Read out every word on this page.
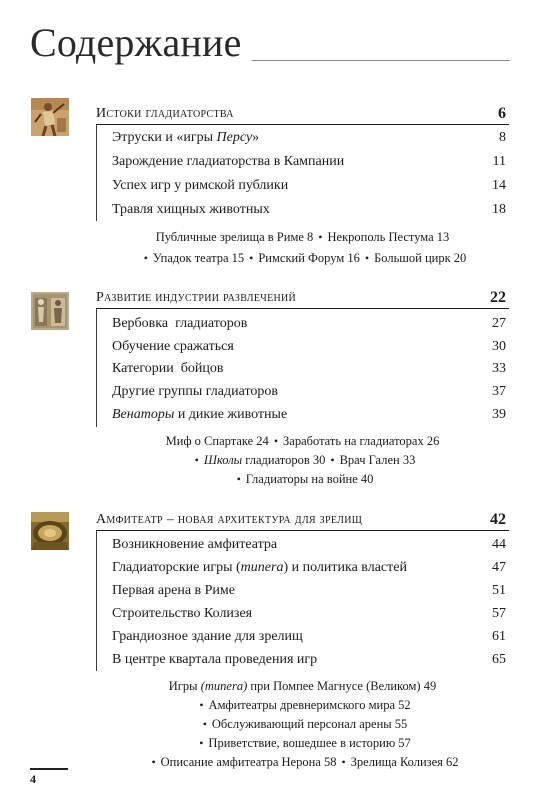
Содержание
Истоки гладиаторства	6
Этруски и «игры Персу»	8
Зарождение гладиаторства в Кампании	11
Успех игр у римской публики	14
Травля хищных животных	18
Публичные зрелища в Риме 8 • Некрополь Пестума 13
• Упадок театра 15 • Римский Форум 16 • Большой цирк 20
Развитие индустрии развлечений	22
Вербовка  гладиаторов	27
Обучение сражаться	30
Категории  бойцов	33
Другие группы гладиаторов	37
Венаторы и дикие животные	39
Миф о Спартаке 24 • Заработать на гладиаторах 26
• Школы гладиаторов 30 • Врач Гален 33
• Гладиаторы на войне 40
Амфитеатр – новая архитектура для зрелищ	42
Возникновение амфитеатра	44
Гладиаторские игры (munera) и политика властей	47
Первая арена в Риме	51
Строительство Колизея	57
Грандиозное здание для зрелищ	61
В центре квартала проведения игр	65
Игры (munera) при Помпее Магнусе (Великом) 49
• Амфитеатры древнеримского мира 52
• Обслуживающий персонал арены 55
• Приветствие, вошедшее в историю 57
• Описание амфитеатра Нерона 58 • Зрелища Колизея 62
4
